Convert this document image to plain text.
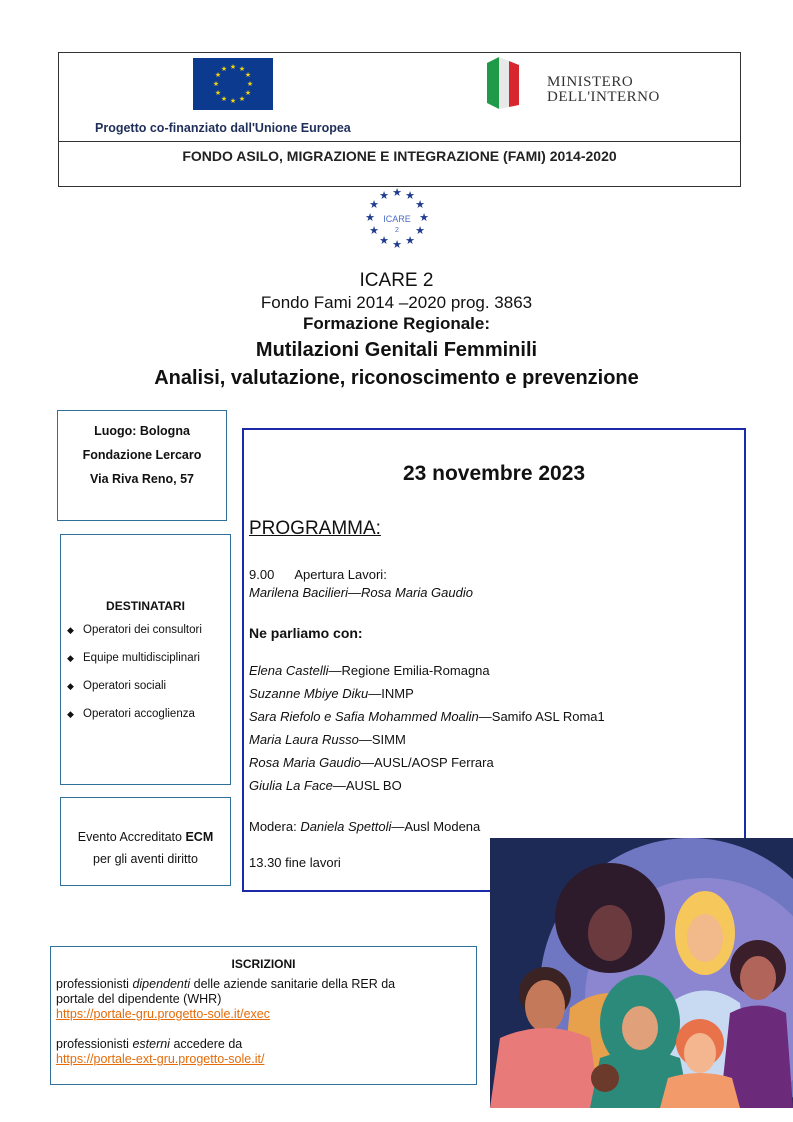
★ ★
★
★
★
★
★
★
★
★
★
★
Progetto co-finanziato dall'Unione Europea
MINISTERO
DELL'INTERNO
FONDO ASILO, MIGRAZIONE E INTEGRAZIONE (FAMI) 2014-2020
★ ★
★
★
★
★
★
★
★
★
★
★
ICARE
2
ICARE 2
Fondo Fami 2014 –2020 prog. 3863
Formazione Regionale:
Mutilazioni Genitali Femminili
Analisi, valutazione, riconoscimento e prevenzione
Luogo: Bologna
Fondazione Lercaro
Via Riva Reno, 57
DESTINATARI
◆ Operatori dei consultori
◆ Equipe multidisciplinari
◆ Operatori sociali
◆ Operatori accoglienza
Evento Accreditato ECM
per gli aventi diritto
23 novembre 2023
PROGRAMMA:
9.00 Apertura Lavori:
Marilena Bacilieri—Rosa Maria Gaudio
Ne parliamo con:
Elena Castelli—Regione Emilia-Romagna
Suzanne Mbiye Diku—INMP
Sara Riefolo e Safia Mohammed Moalin—Samifo ASL Roma1
Maria Laura Russo—SIMM
Rosa Maria Gaudio—AUSL/AOSP Ferrara
Giulia La Face—AUSL BO
Modera: Daniela Spettoli—Ausl Modena
13.30 fine lavori
ISCRIZIONI
professionisti dipendenti delle aziende sanitarie della RER da
portale del dipendente (WHR)
https://portale-gru.progetto-sole.it/exec
professionisti esterni accedere da
https://portale-ext-gru.progetto-sole.it/
